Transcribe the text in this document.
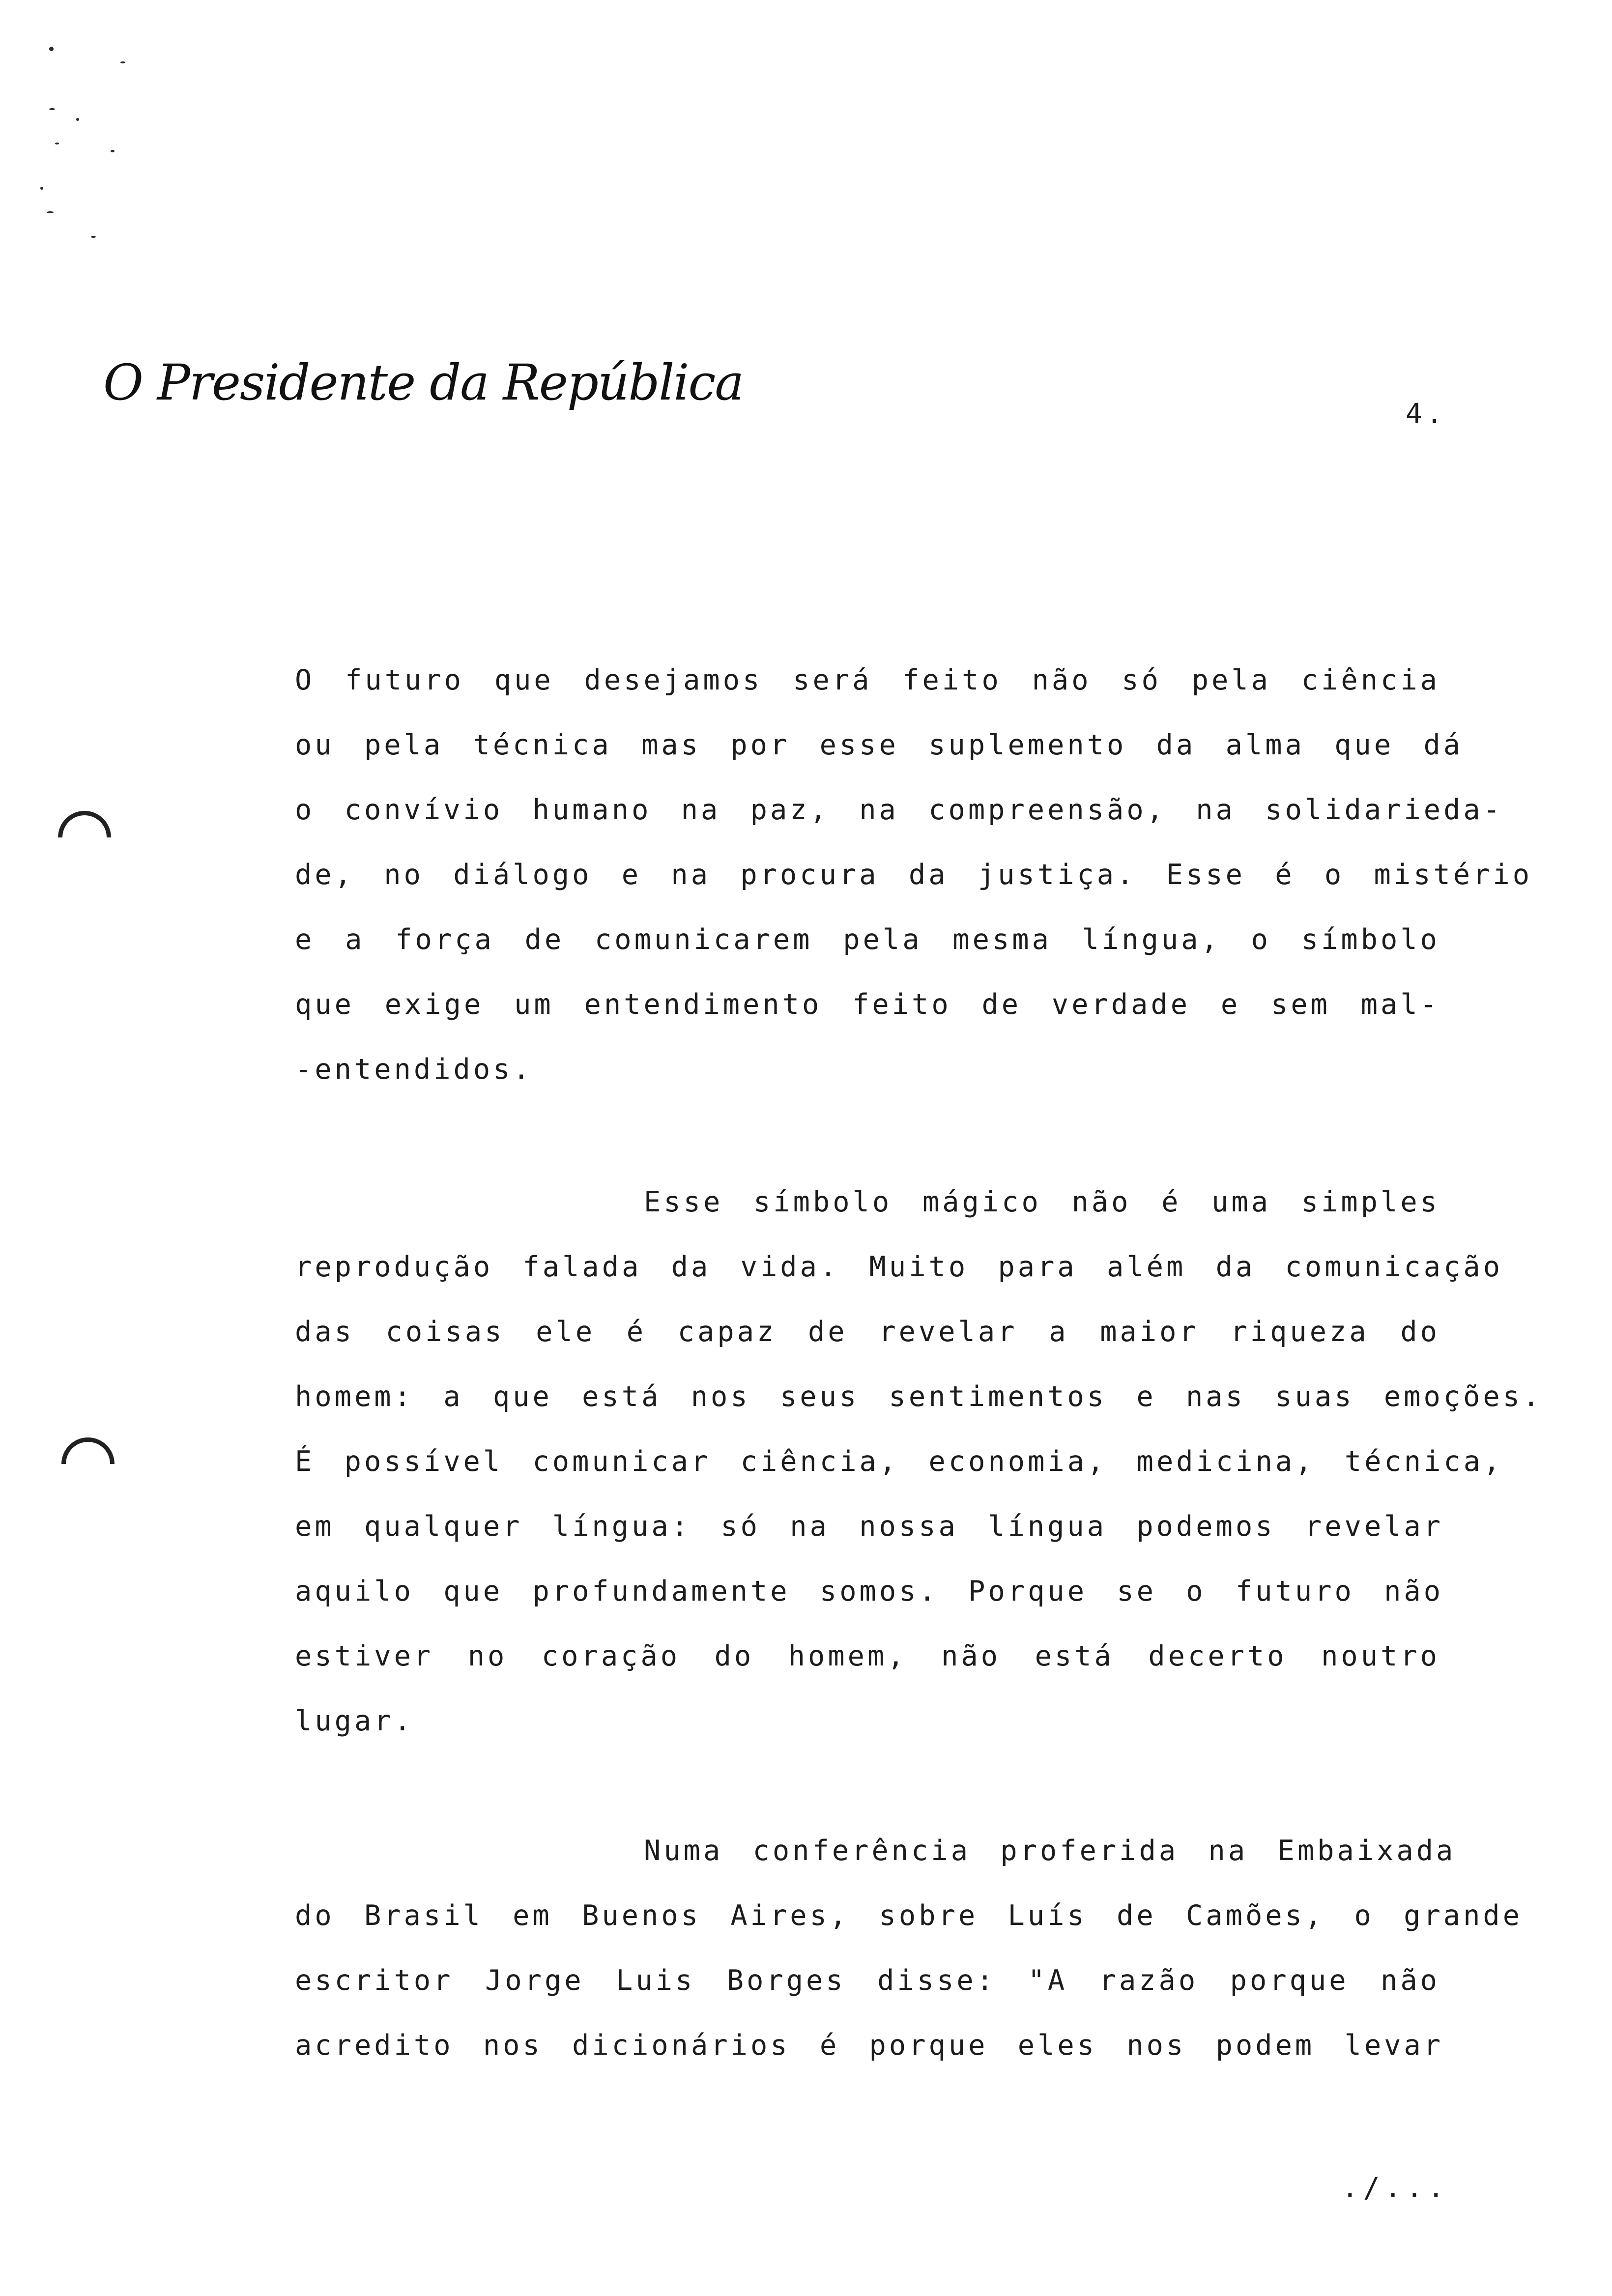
O Presidente da República
4.
O futuro que desejamos será feito não só pela ciência
ou pela técnica mas por esse suplemento da alma que dá
o convívio humano na paz, na compreensão, na solidarieda-
de, no diálogo e na procura da justiça. Esse é o mistério
e a força de comunicarem pela mesma língua, o símbolo
que exige um entendimento feito de verdade e sem mal-
-entendidos.
Esse símbolo mágico não é uma simples
reprodução falada da vida. Muito para além da comunicação
das coisas ele é capaz de revelar a maior riqueza do
homem: a que está nos seus sentimentos e nas suas emoções.
É possível comunicar ciência, economia, medicina, técnica,
em qualquer língua: só na nossa língua podemos revelar
aquilo que profundamente somos. Porque se o futuro não
estiver no coração do homem, não está decerto noutro
lugar.
Numa conferência proferida na Embaixada
do Brasil em Buenos Aires, sobre Luís de Camões, o grande
escritor Jorge Luis Borges disse: "A razão porque não
acredito nos dicionários é porque eles nos podem levar
./...
